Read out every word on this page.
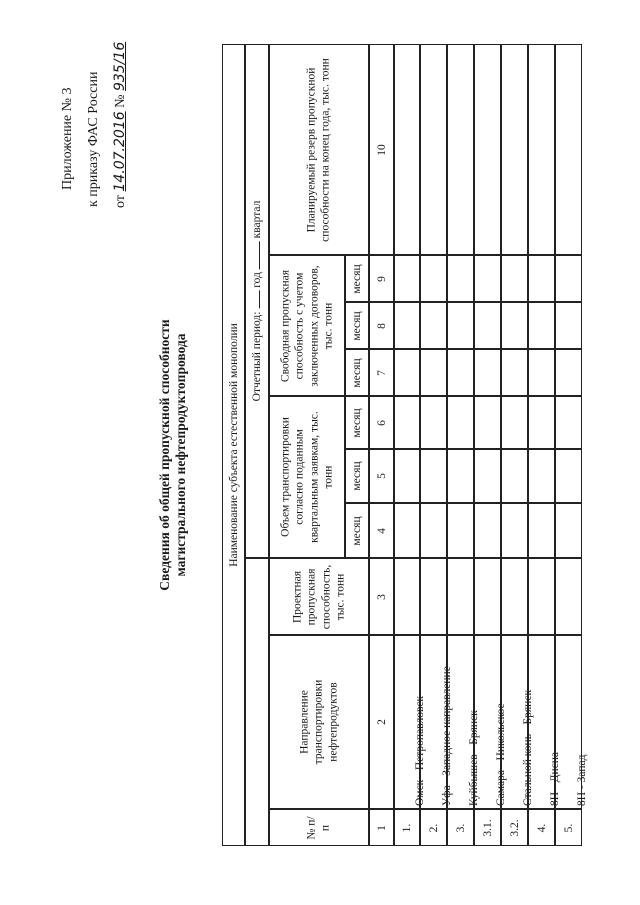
Приложение № 3 к приказу ФАС России от 14.07.2016 № 935/16
Сведения об общей пропускной способности магистрального нефтепродуктопровода	Наименование субъекта естественной монополии Отчетный период:  год  квартал
№ п/п
Направление транспортировки нефтепродуктов
Проектная пропускная способность, тыс. тонн
Объем транспортировки согласно поданным квартальным заявкам, тыс. тонн
Свободная пропускная способность с учетом заключенных договоров, тыс. тонн
Планируемый резерв пропускной способности на конец года, тыс. тонн
месяц
месяц
месяц
месяц
месяц
месяц
1
2
3
4
5
6
7
8
9
10
1.
Омск - Петропавловск
2.
Уфа - Западное направление
3.
Куйбышев - Брянск
3.1.
Самара - Никольское
3.2.
Стальной конь - Брянск
4.
8Н - Дисна
5.
8Н - Запад
